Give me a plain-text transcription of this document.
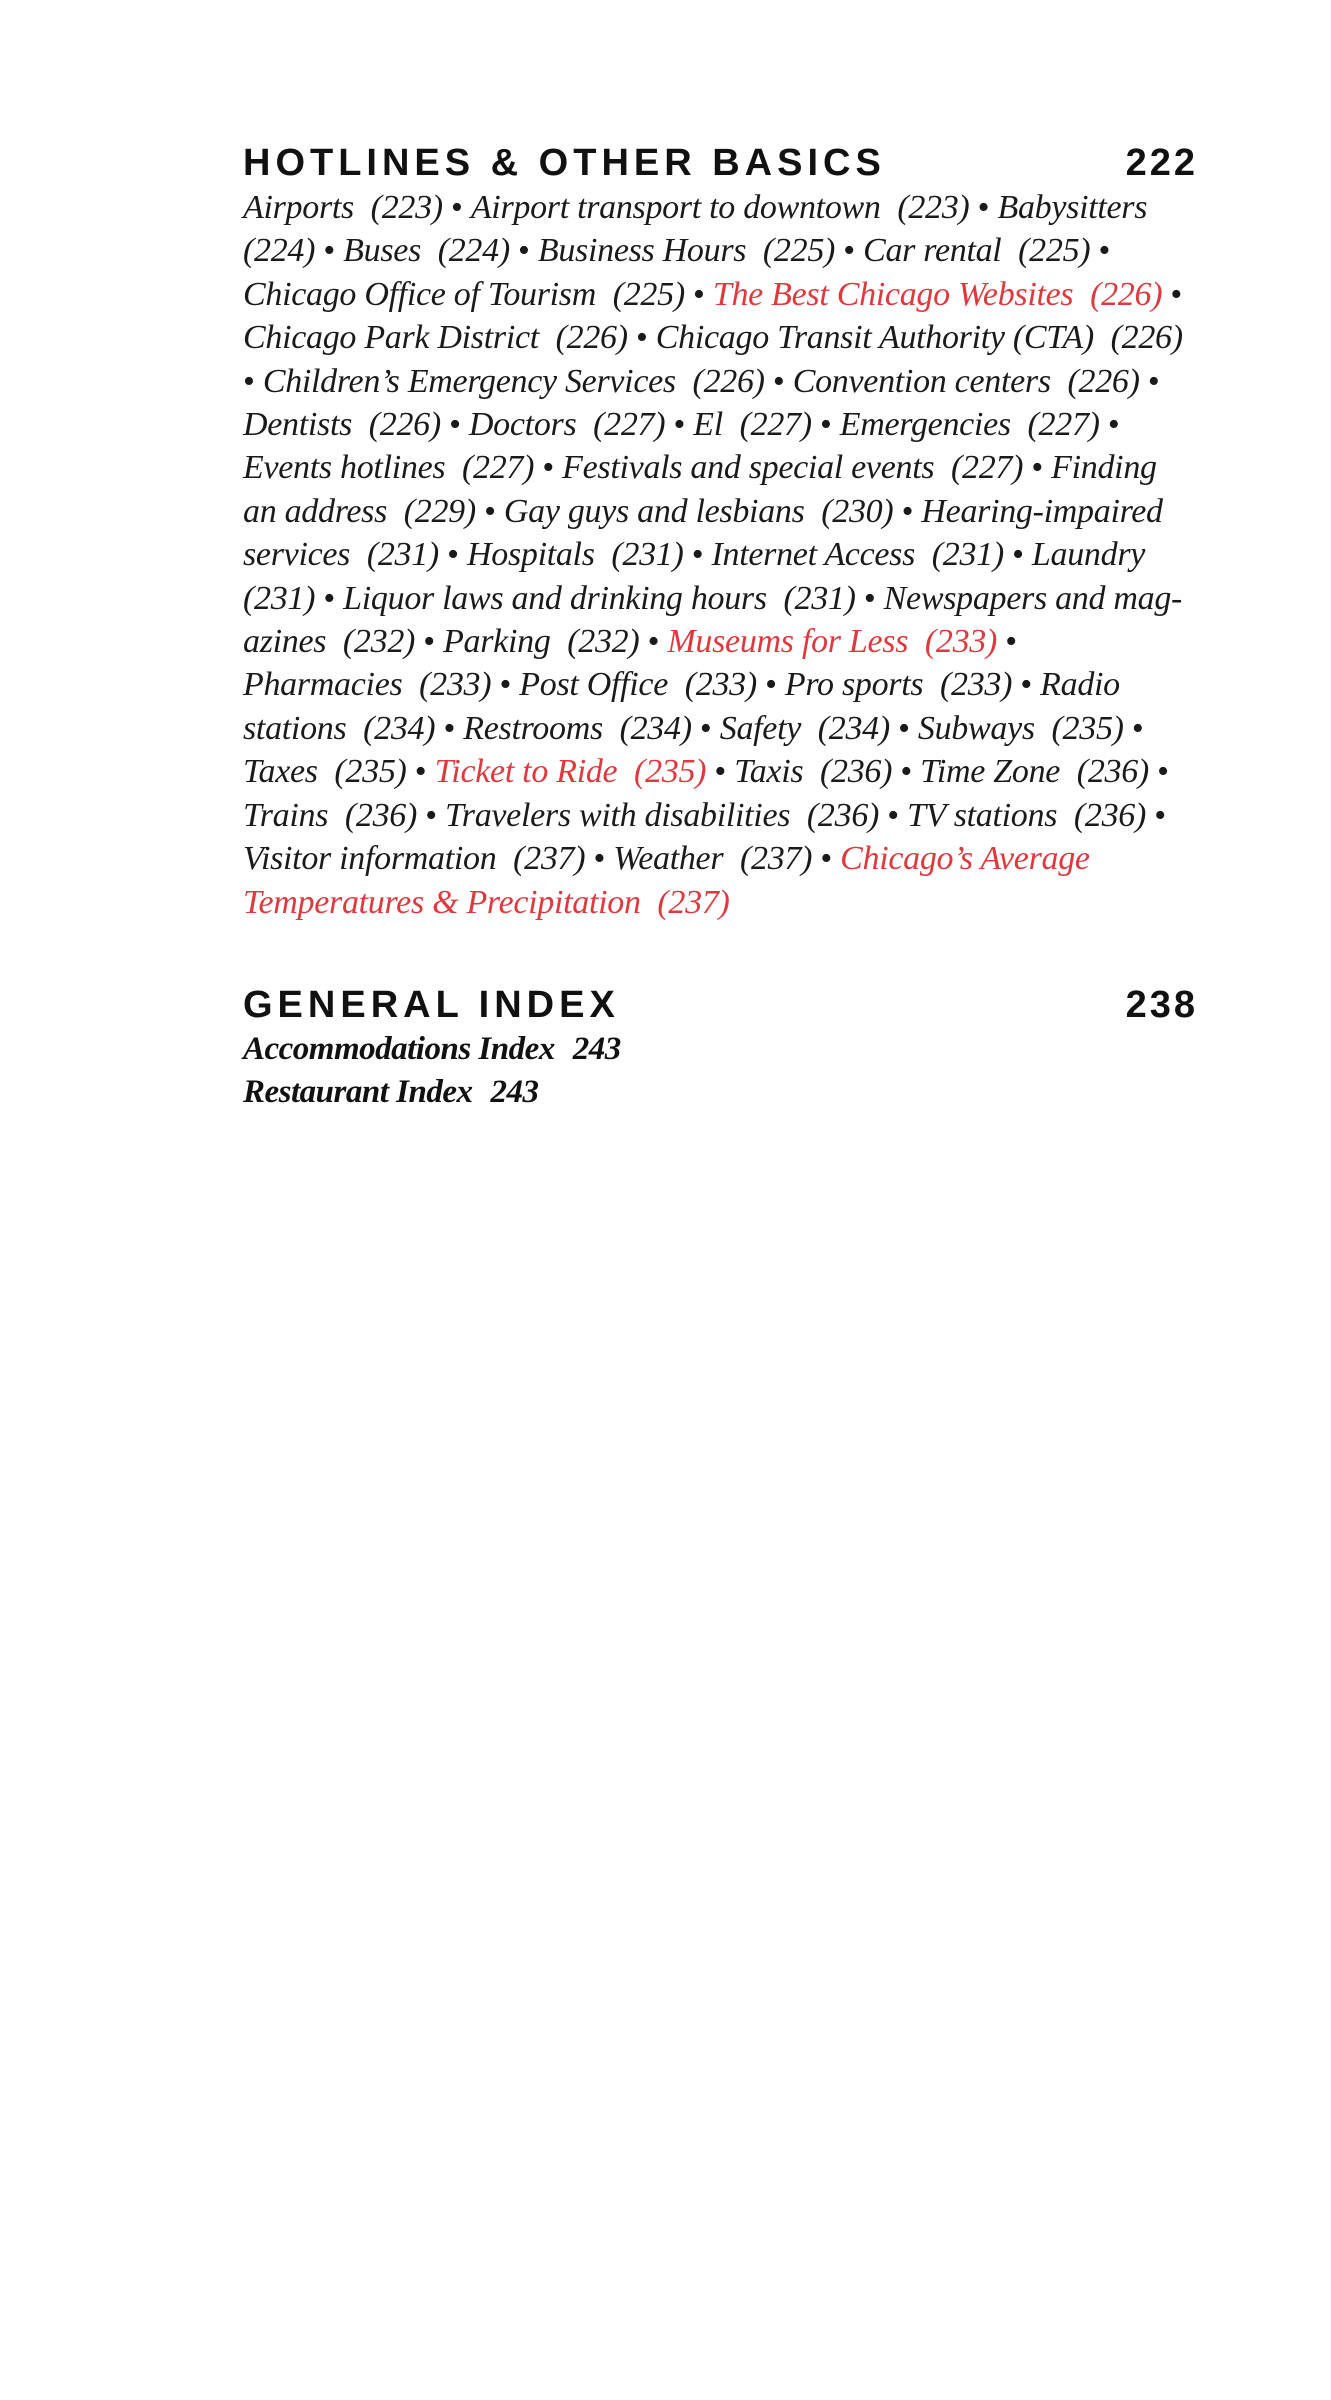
HOTLINES & OTHER BASICS	222

Airports  (223) • Airport transport to downtown  (223) • Babysitters (224) • Buses  (224) • Business Hours  (225) • Car rental  (225) • Chicago Office of Tourism  (225) • The Best Chicago Websites  (226) • Chicago Park District  (226) • Chicago Transit Authority (CTA)  (226) • Children’s Emergency Services  (226) • Convention centers  (226) • Dentists  (226) • Doctors  (227) • El  (227) • Emergencies  (227) • Events hotlines  (227) • Festivals and special events  (227) • Finding an address  (229) • Gay guys and lesbians  (230) • Hearing-impaired services  (231) • Hospitals  (231) • Internet Access  (231) • Laundry (231) • Liquor laws and drinking hours  (231) • Newspapers and mag-azines  (232) • Parking  (232) • Museums for Less  (233) • Pharmacies  (233) • Post Office  (233) • Pro sports  (233) • Radio stations  (234) • Restrooms  (234) • Safety  (234) • Subways  (235) • Taxes  (235) • Ticket to Ride  (235) • Taxis  (236) • Time Zone  (236) • Trains  (236) • Travelers with disabilities  (236) • TV stations  (236) • Visitor information  (237) • Weather  (237) • Chicago’s Average Temperatures & Precipitation  (237)

GENERAL INDEX	238
Accommodations Index 243
Restaurant Index 243
